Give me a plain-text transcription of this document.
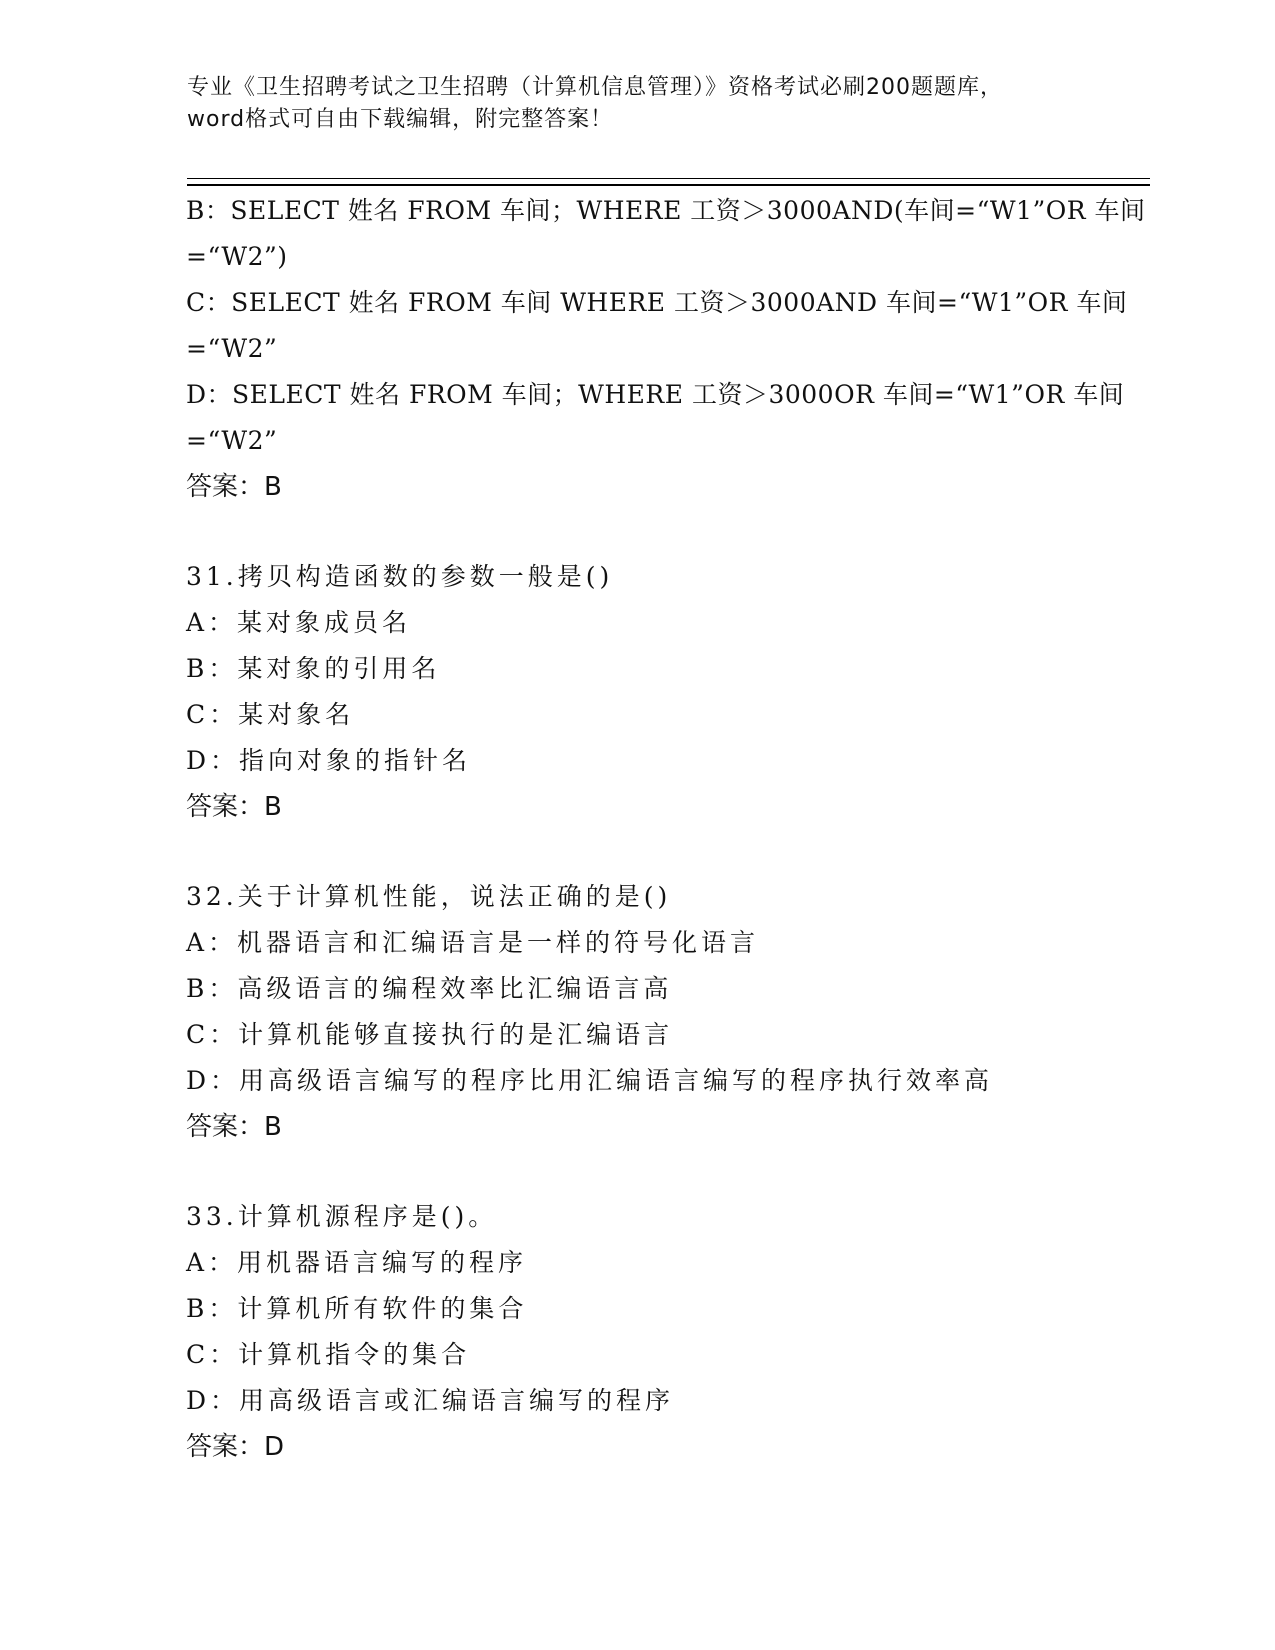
专业《卫生招聘考试之卫生招聘（计算机信息管理）》资格考试必刷200题题库，
word格式可自由下载编辑，附完整答案！
B：SELECT 姓名 FROM 车间；WHERE 工资＞3000AND(车间=“W1”OR 车间
=“W2”)
C：SELECT 姓名 FROM 车间 WHERE 工资＞3000AND 车间=“W1”OR 车间
=“W2”
D：SELECT 姓名 FROM 车间；WHERE 工资＞3000OR 车间=“W1”OR 车间
=“W2”
答案：B
31.拷贝构造函数的参数一般是()
A：某对象成员名
B：某对象的引用名
C：某对象名
D：指向对象的指针名
答案：B
32.关于计算机性能，说法正确的是()
A：机器语言和汇编语言是一样的符号化语言
B：高级语言的编程效率比汇编语言高
C：计算机能够直接执行的是汇编语言
D：用高级语言编写的程序比用汇编语言编写的程序执行效率高
答案：B
33.计算机源程序是()。
A：用机器语言编写的程序
B：计算机所有软件的集合
C：计算机指令的集合
D：用高级语言或汇编语言编写的程序
答案：D
